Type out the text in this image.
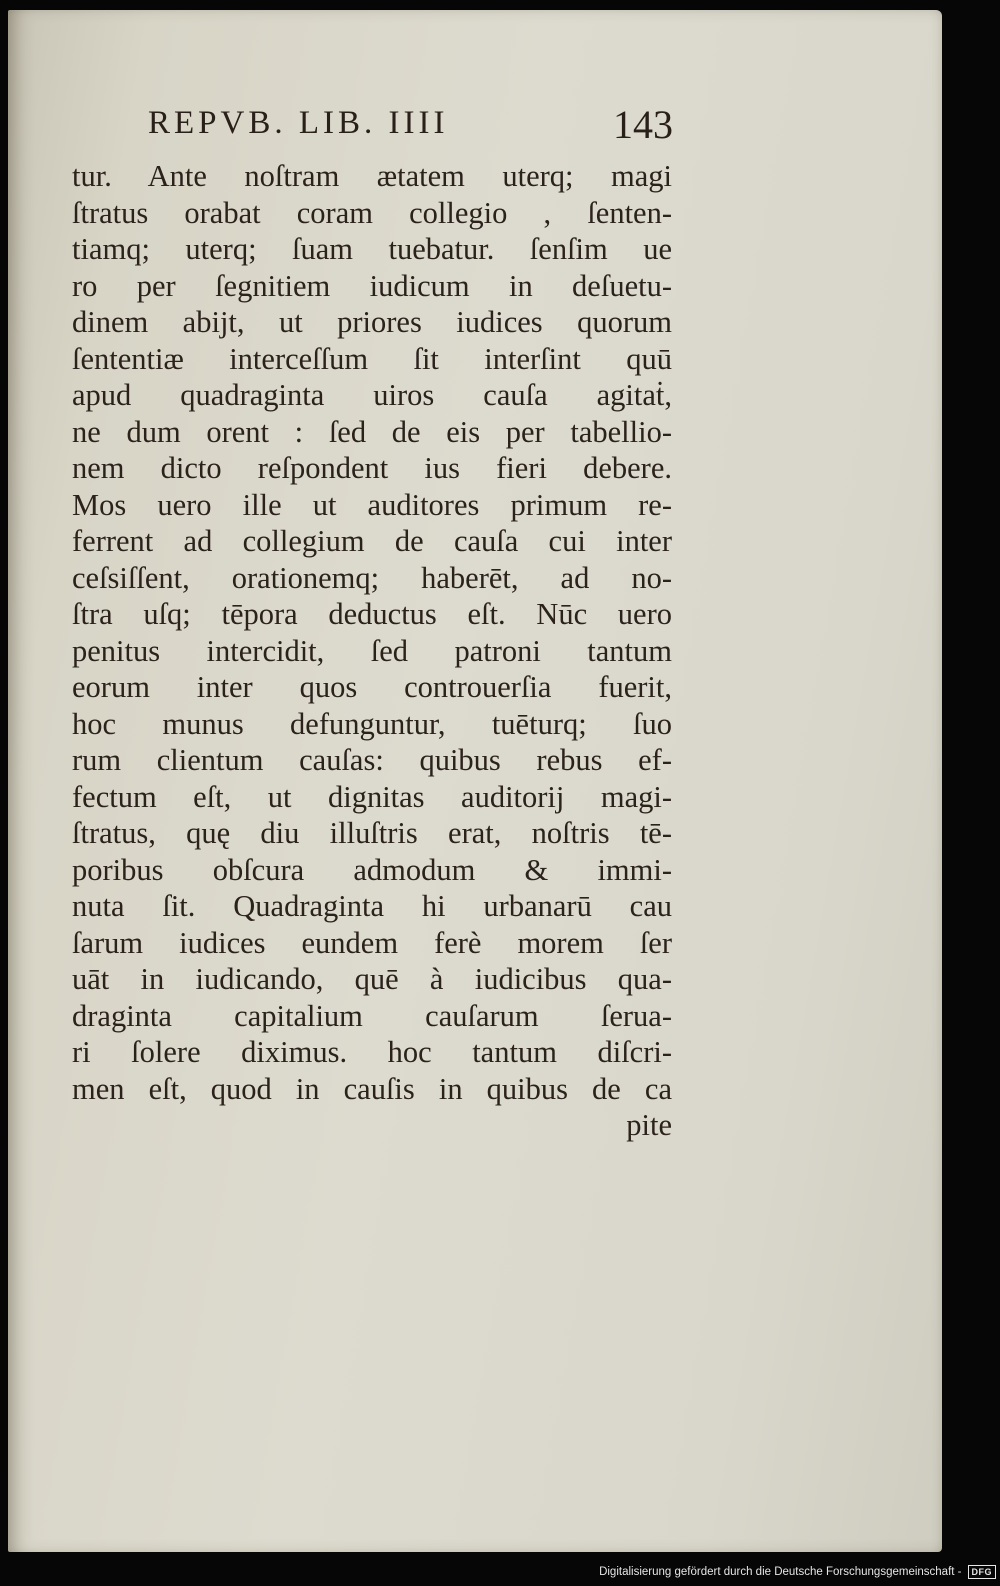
REPVB. LIB. IIII	143
tur. Ante noſtram ætatem uterq; magi
ſtratus orabat coram collegio , ſenten-
tiamq; uterq; ſuam tuebatur. ſenſim ue
ro per ſegnitiem iudicum in deſuetu-
dinem abijt, ut priores iudices quorum
ſententiæ interceſſum ſit interſint quū
apud quadraginta uiros cauſa agitaṫ,
ne dum orent : ſed de eis per tabellio-
nem dicto reſpondent ius fieri debere.
Mos uero ille ut auditores primum re-
ferrent ad collegium de cauſa cui inter
ceſsiſſent, orationemq; haberēt, ad no-
ſtra uſq; tēpora deductus eſt. Nūc uero
penitus intercidit, ſed patroni tantum
eorum inter quos controuerſia fuerit,
hoc munus defunguntur, tuēturq; ſuo
rum clientum cauſas: quibus rebus ef-
fectum eſt, ut dignitas auditorij magi-
ſtratus, quę diu illuſtris erat, noſtris tē-
poribus obſcura admodum & immi-
nuta ſit. Quadraginta hi urbanarū cau
ſarum iudices eundem ferè morem ſer
uāt in iudicando, quē à iudicibus qua-
draginta capitalium cauſarum ſerua-
ri ſolere diximus. hoc tantum diſcri-
men eſt, quod in cauſis in quibus de ca
pite
Digitalisierung gefördert durch die Deutsche Forschungsgemeinschaft -	DFG
